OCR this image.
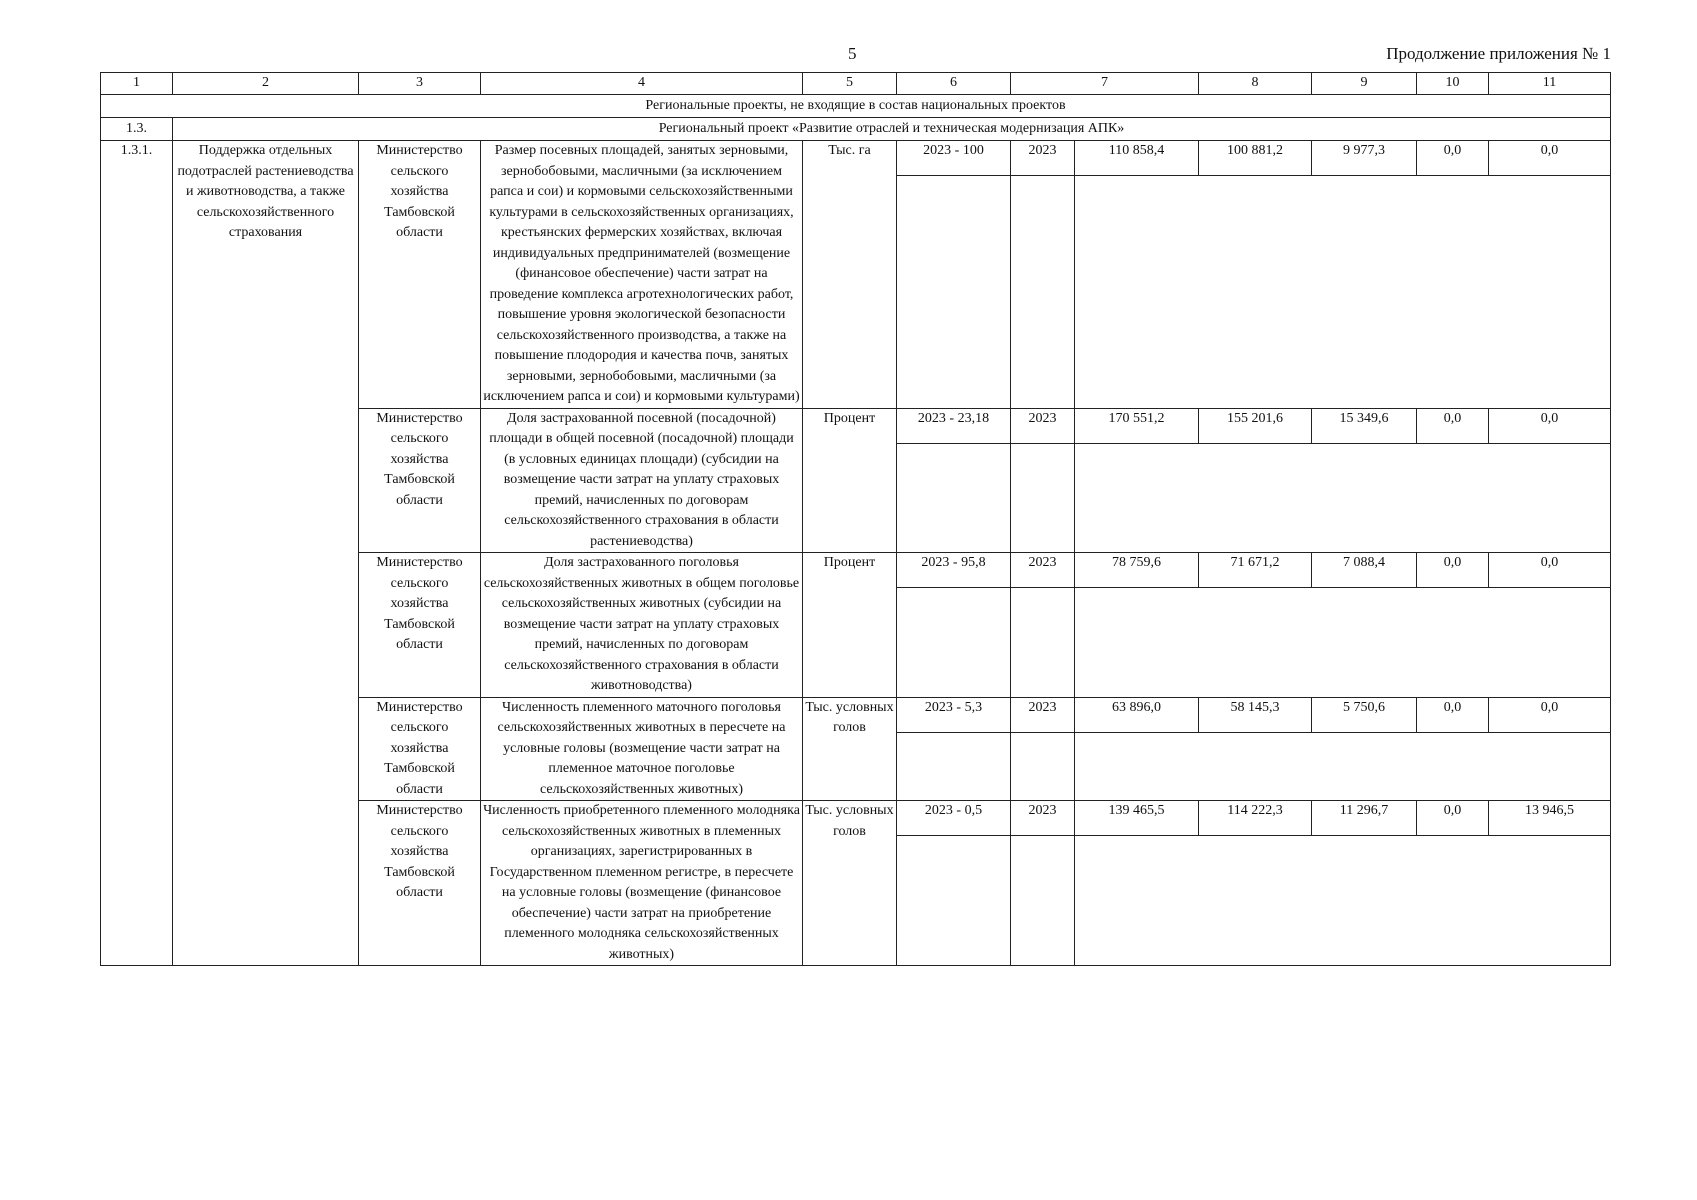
5	Продолжение приложения № 1
1	2	3	4	5	6	7		8	9	10	11
Региональные проекты, не входящие в состав национальных проектов											
1.3.	Региональный проект «Развитие отраслей и техническая модернизация АПК»										
1.3.1.	Поддержка отдельных подотраслей растениеводства и животноводства, а также сельскохозяйственного страхования	Министерство сельского хозяйства Тамбовской области	Размер посевных площадей, занятых зерновыми, зернобобовыми, масличными (за исключением рапса и сои) и кормовыми сельскохозяйственными культурами в сельскохозяйственных организациях, крестьянских фермерских хозяйствах, включая индивидуальных предпринимателей (возмещение (финансовое обеспечение) части затрат на проведение комплекса агротехнологических работ, повышение уровня экологической безопасности сельскохозяйственного производства, а также на повышение плодородия и качества почв, занятых зерновыми, зернобобовыми, масличными (за исключением рапса и сои) и кормовыми культурами)	Тыс. га	2023 - 100	2023	110 858,4	100 881,2	9 977,3	0,0	0,0

		Министерство сельского хозяйства Тамбовской области	Доля застрахованной посевной (посадочной) площади в общей посевной (посадочной) площади (в условных единицах площади) (субсидии на возмещение части затрат на уплату страховых премий, начисленных по договорам сельскохозяйственного страхования в области растениеводства)	Процент	2023 - 23,18	2023	170 551,2	155 201,6	15 349,6	0,0	0,0

		Министерство сельского хозяйства Тамбовской области	Доля застрахованного поголовья сельскохозяйственных животных в общем поголовье сельскохозяйственных животных (субсидии на возмещение части затрат на уплату страховых премий, начисленных по договорам сельскохозяйственного страхования в области животноводства)	Процент	2023 - 95,8	2023	78 759,6	71 671,2	7 088,4	0,0	0,0

		Министерство сельского хозяйства Тамбовской области	Численность племенного маточного поголовья сельскохозяйственных животных в пересчете на условные головы (возмещение части затрат на племенное маточное поголовье сельскохозяйственных животных)	Тыс. условных голов	2023 - 5,3	2023	63 896,0	58 145,3	5 750,6	0,0	0,0

		Министерство сельского хозяйства Тамбовской области	Численность приобретенного племенного молодняка сельскохозяйственных животных в племенных организациях, зарегистрированных в Государственном племенном регистре, в пересчете на условные головы (возмещение (финансовое обеспечение) части затрат на приобретение племенного молодняка сельскохозяйственных животных)	Тыс. условных голов	2023 - 0,5	2023	139 465,5	114 222,3	11 296,7	0,0	13 946,5
